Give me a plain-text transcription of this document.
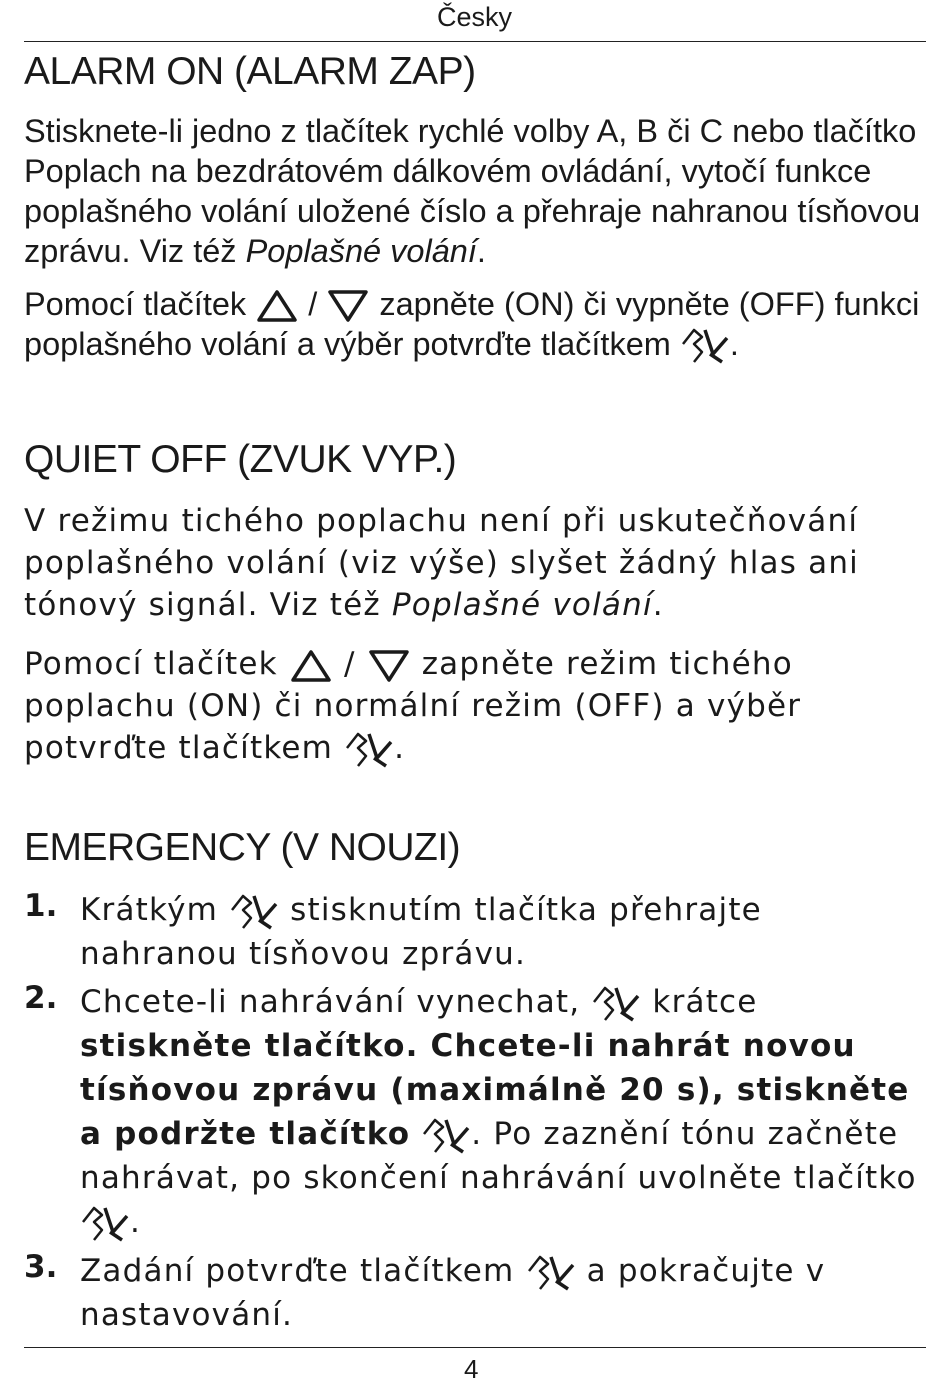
Česky
ALARM ON (ALARM ZAP)

Stisknete-li jedno z tlačítek rychlé volby A, B či C nebo tlačítko Poplach na bezdrátovém dálkovém ovládání, vytočí funkce poplašného volání uložené číslo a přehraje nahranou tísňovou zprávu. Viz též Poplašné volání.

Pomocí tlačítek
/
zapněte (ON) či vypněte (OFF) funkci poplašného volání a výběr potvrďte tlačítkem
.

QUIET OFF (ZVUK VYP.)

V režimu tichého poplachu není při uskutečňování poplašného volání (viz výše) slyšet žádný hlas ani tónový signál. Viz též Poplašné volání.

Pomocí tlačítek
/
zapněte režim tichého poplachu (ON) či normální režim (OFF) a výběr potvrďte tlačítkem
.

EMERGENCY (V NOUZI)
1. Krátkým
stisknutím tlačítka přehrajte nahranou tísňovou zprávu.
2. Chcete-li nahrávání vynechat,
krátce stiskněte tlačítko. Chcete-li nahrát novou tísňovou zprávu (maximálně 20 s), stiskněte a podržte tlačítko . Po zaznění tónu začněte nahrávat, po skončení nahrávání uvolněte tlačítko
.
3. Zadání potvrďte tlačítkem
a pokračujte v nastavování.
4
